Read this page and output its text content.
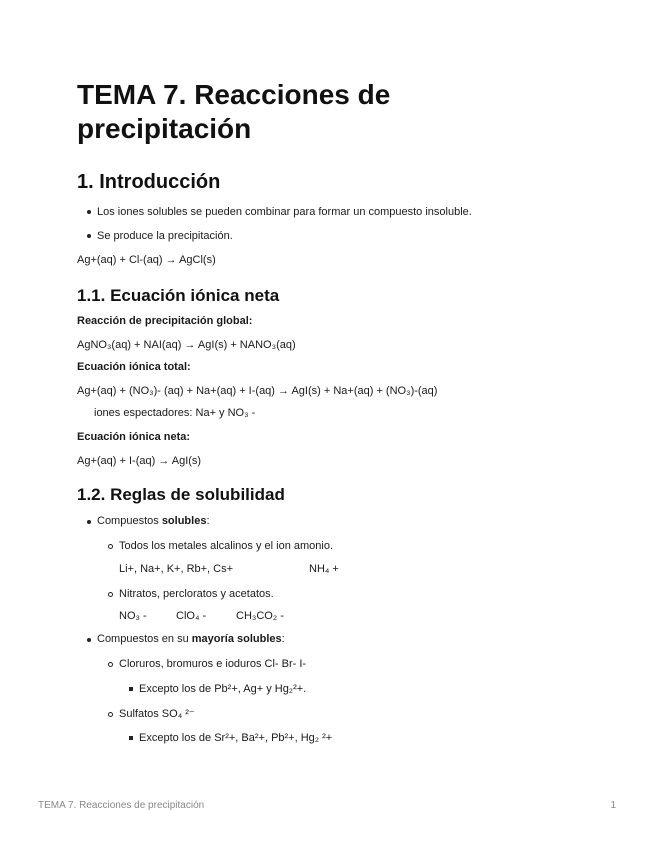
TEMA 7. Reacciones de precipitación
1. Introducción
Los iones solubles se pueden combinar para formar un compuesto insoluble.
Se produce la precipitación.
Ag+(aq) + Cl-(aq) → AgCl(s)
1.1. Ecuación iónica neta
Reacción de precipitación global:
AgNO₃(aq) + NAI(aq) → AgI(s) + NANO₃(aq)
Ecuación iónica total:
Ag+(aq) + (NO₃)- (aq) + Na+(aq) + I-(aq) → AgI(s) + Na+(aq) + (NO₃)-(aq)
iones espectadores: Na+ y NO₃ -
Ecuación iónica neta:
Ag+(aq) + I-(aq) → AgI(s)
1.2. Reglas de solubilidad
Compuestos solubles:
Todos los metales alcalinos y el ion amonio.
Li+, Na+, K+, Rb+, Cs+	NH₄ +
Nitratos, percloratos y acetatos.
NO₃ -	ClO₄ -	CH₃CO₂ -
Compuestos en su mayoría solubles:
Cloruros, bromuros e ioduros Cl- Br- I-
Excepto los de Pb²+, Ag+ y Hg₂²+.
Sulfatos SO₄ ²⁻
Excepto los de Sr²+, Ba²+, Pb²+, Hg₂ ²+
TEMA 7. Reacciones de precipitación	1
